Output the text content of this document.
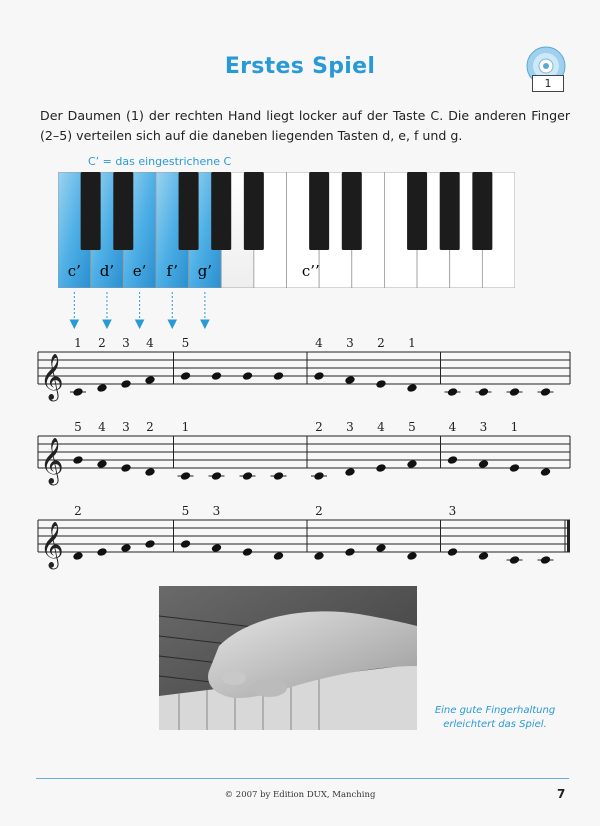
Erstes Spiel
1
Der Daumen (1) der rechten Hand liegt locker auf der Taste C. Die anderen Finger (2–5) verteilen sich auf die daneben liegenden Tasten d, e, f und g.
C’ = das eingestrichene C
c’ d’ e’ f’ g’	c’’
𝄞
1 2 3 4 5	4 3 2 1
𝄞
5 4 3 2 1	2 3 4 5	4 3 1
𝄞
2	5 3	2	3
Eine gute Fingerhaltung
erleichtert das Spiel.
© 2007 by Edition DUX, Manching	7
